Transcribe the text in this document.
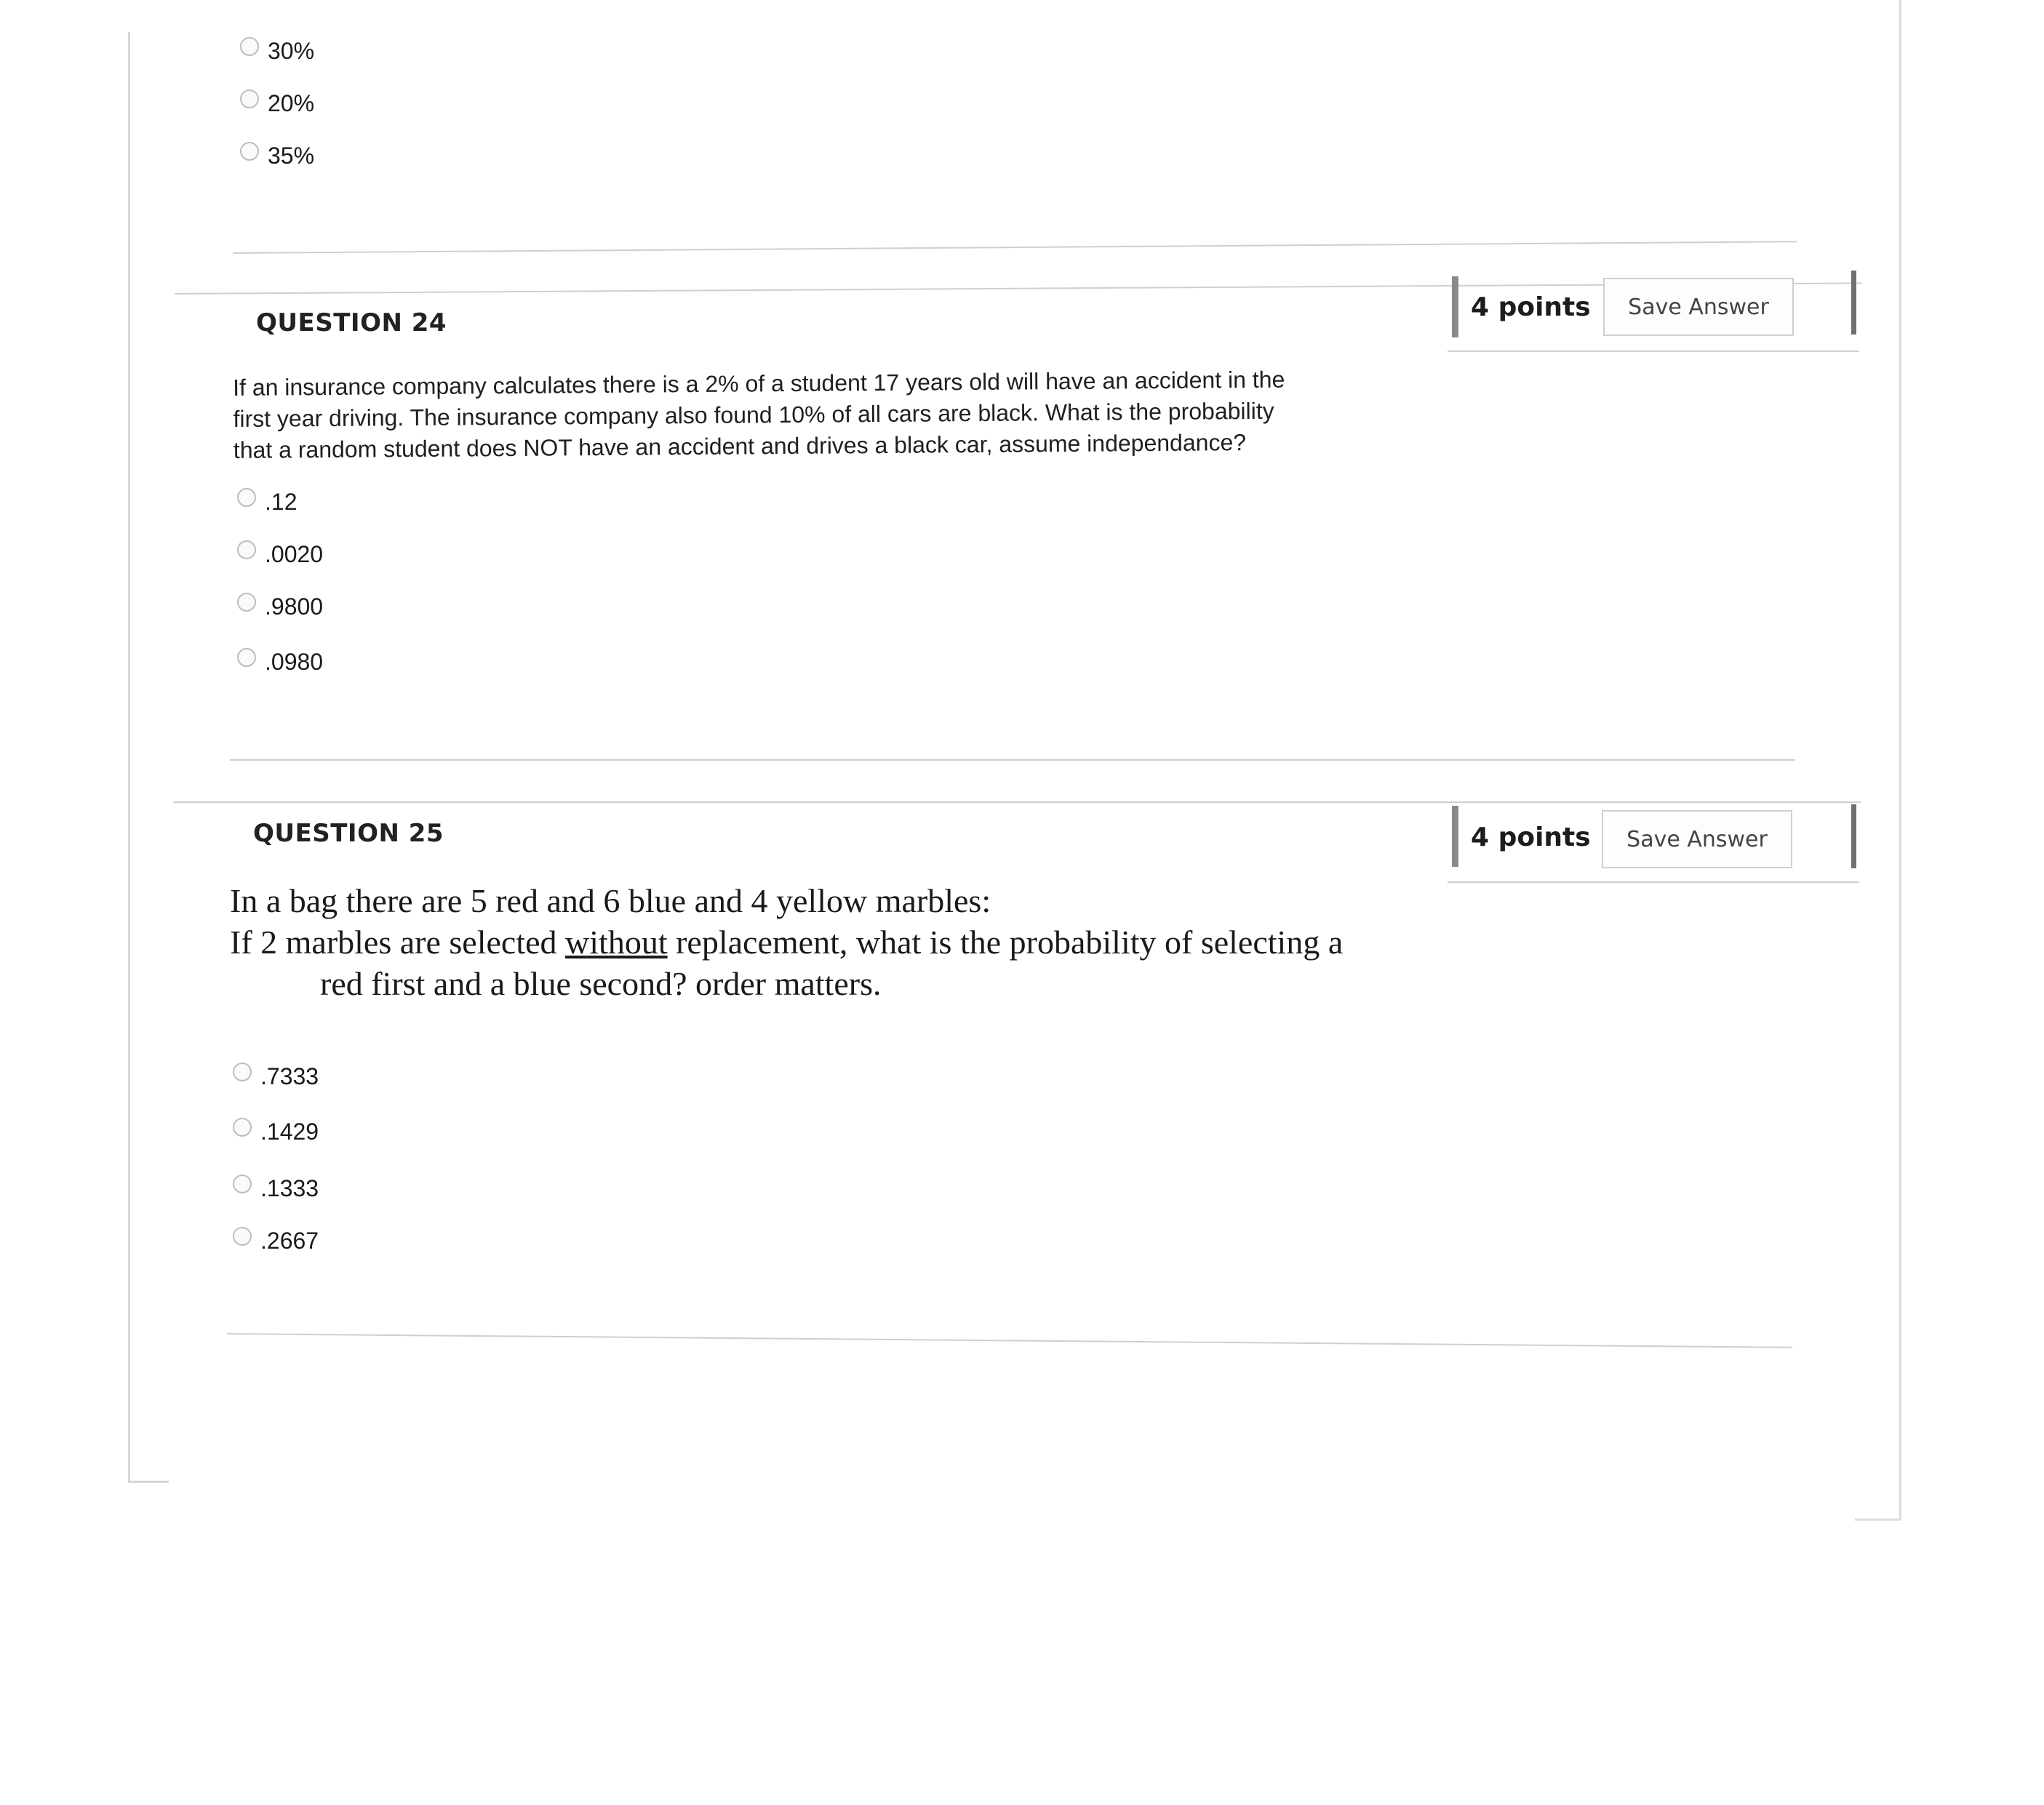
30%
20%
35%
QUESTION 24
4 points	Save Answer
If an insurance company calculates there is a 2% of a student 17 years old will have an accident in the
first year driving. The insurance company also found 10% of all cars are black. What is the probability
that a random student does NOT have an accident and drives a black car, assume independance?
.12
.0020
.9800
.0980
QUESTION 25	4 points	Save Answer
In a bag there are 5 red and 6 blue and 4 yellow marbles:
If 2 marbles are selected without replacement, what is the probability of selecting a
red first and a blue second? order matters.
.7333
.1429
.1333
.2667
